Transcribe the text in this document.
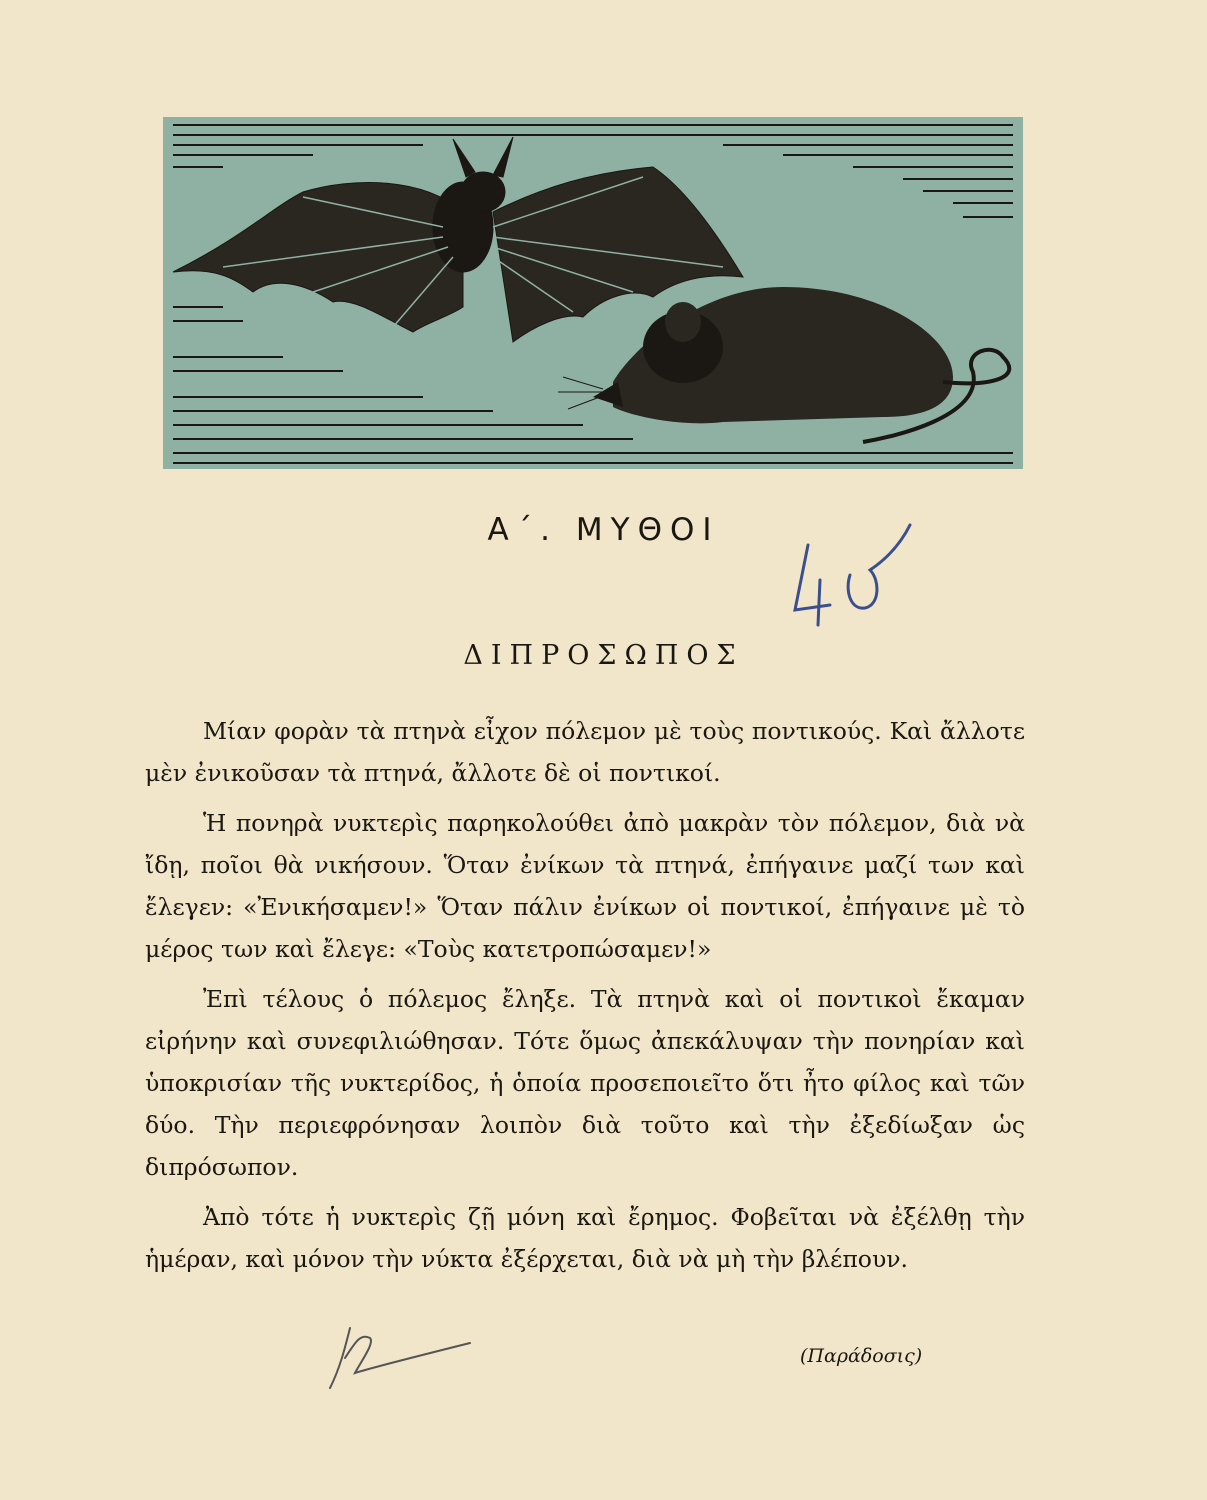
Α΄. ΜΥΘΟΙ
ΔΙΠΡΟΣΩΠΟΣ

Μίαν φορὰν τὰ πτηνὰ εἶχον πόλεμον μὲ τοὺς ποντικούς. Καὶ ἄλλοτε μὲν ἐνικοῦσαν τὰ πτηνά, ἄλλοτε δὲ οἱ ποντικοί.

Ἡ πονηρὰ νυκτερὶς παρηκολούθει ἀπὸ μακρὰν τὸν πόλεμον, διὰ νὰ ἴδῃ, ποῖοι θὰ νικήσουν. Ὅταν ἐνίκων τὰ πτηνά, ἐπήγαινε μαζί των καὶ ἔλεγεν: «Ἐνικήσαμεν!» Ὅταν πάλιν ἐνίκων οἱ ποντικοί, ἐπήγαινε μὲ τὸ μέρος των καὶ ἔλεγε: «Τοὺς κατετροπώσαμεν!»

Ἐπὶ τέλους ὁ πόλεμος ἔληξε. Τὰ πτηνὰ καὶ οἱ ποντικοὶ ἔκαμαν εἰρήνην καὶ συνεφιλιώθησαν. Τότε ὅμως ἀπεκάλυψαν τὴν πονηρίαν καὶ ὑποκρισίαν τῆς νυκτερίδος, ἡ ὁποία προσεποιεῖτο ὅτι ἦτο φίλος καὶ τῶν δύο. Τὴν περιεφρόνησαν λοιπὸν διὰ τοῦτο καὶ τὴν ἐξεδίωξαν ὡς διπρόσωπον.

Ἀπὸ τότε ἡ νυκτερὶς ζῇ μόνη καὶ ἔρημος. Φοβεῖται νὰ ἐξέλθῃ τὴν ἡμέραν, καὶ μόνον τὴν νύκτα ἐξέρχεται, διὰ νὰ μὴ τὴν βλέπουν.

(Παράδοσις)
